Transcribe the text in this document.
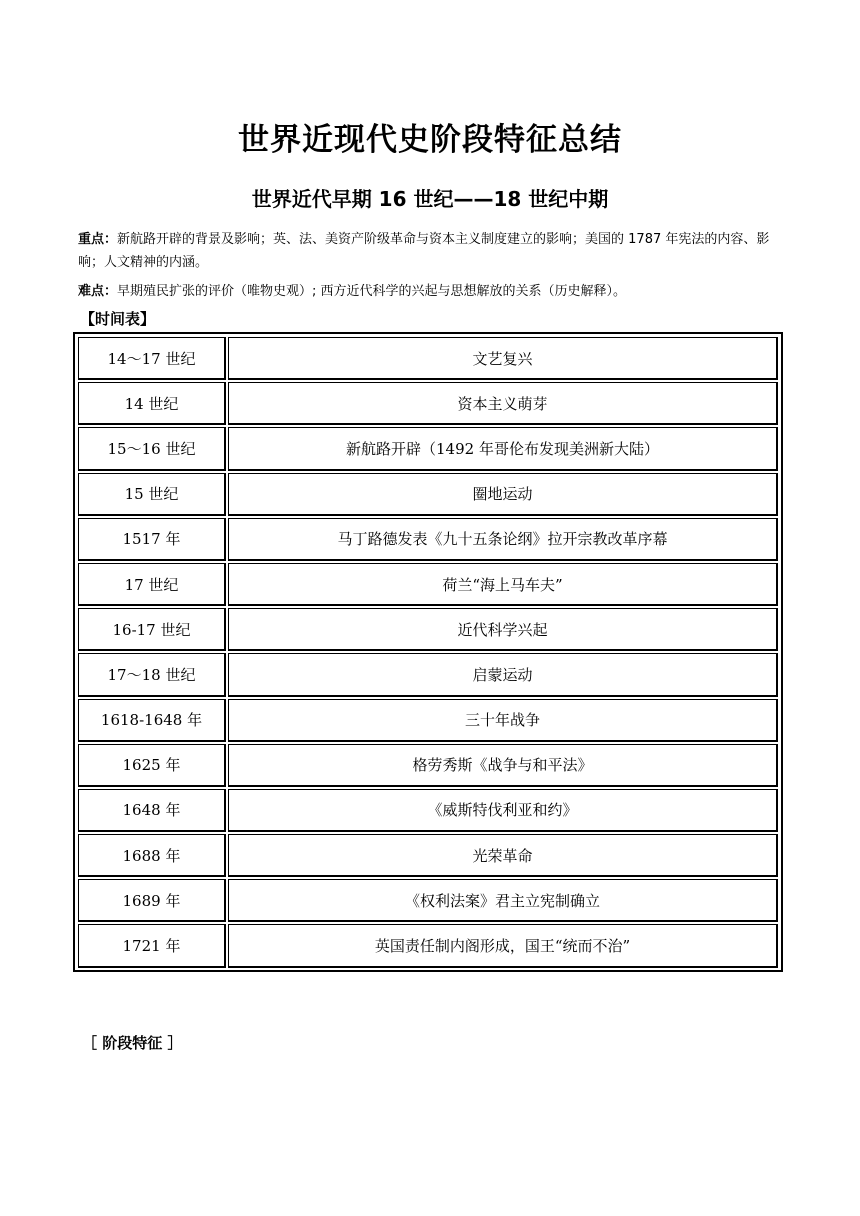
世界近现代史阶段特征总结
世界近代早期 16 世纪——18 世纪中期
重点：新航路开辟的背景及影响；英、法、美资产阶级革命与资本主义制度建立的影响；美国的 1787 年宪法的内容、影响；人文精神的内涵。
难点：早期殖民扩张的评价（唯物史观）; 西方近代科学的兴起与思想解放的关系（历史解释）。
【时间表】
14～17 世纪	文艺复兴
14 世纪	资本主义萌芽
15～16 世纪	新航路开辟（1492 年哥伦布发现美洲新大陆）
15 世纪	圈地运动
1517 年	马丁路德发表《九十五条论纲》拉开宗教改革序幕
17 世纪	荷兰“海上马车夫”
16-17 世纪	近代科学兴起
17～18 世纪	启蒙运动
1618-1648 年	三十年战争
1625 年	格劳秀斯《战争与和平法》
1648 年	《威斯特伐利亚和约》
1688 年	光荣革命
1689 年	《权利法案》君主立宪制确立
1721 年	英国责任制内阁形成，国王“统而不治”
［ 阶段特征 ］
